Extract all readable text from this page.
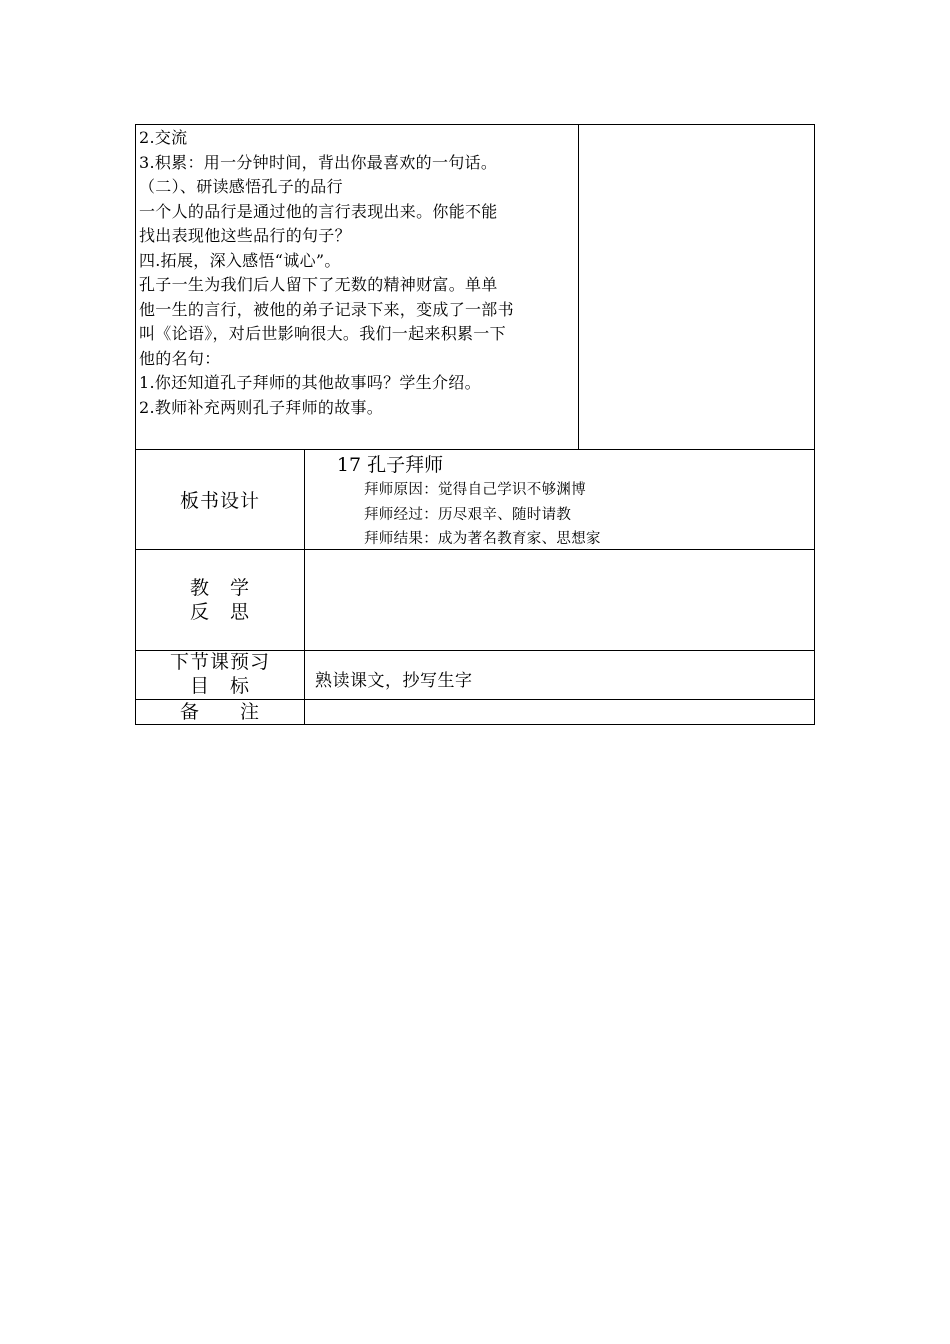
2.交流

3.积累：用一分钟时间，背出你最喜欢的一句话。

（二）、研读感悟孔子的品行

一个人的品行是通过他的言行表现出来。你能不能

找出表现他这些品行的句子？

四.拓展，深入感悟“诚心”。

孔子一生为我们后人留下了无数的精神财富。单单

他一生的言行，被他的弟子记录下来，变成了一部书

叫《论语》，对后世影响很大。我们一起来积累一下

他的名句：

1.你还知道孔子拜师的其他故事吗？学生介绍。

2.教师补充两则孔子拜师的故事。

板书设计
17 孔子拜师
拜师原因：觉得自己学识不够渊博
拜师经过：历尽艰辛、随时请教
拜师结果：成为著名教育家、思想家
教　学
反　思
下节课预习
目　标	熟读课文，抄写生字
备　　注
